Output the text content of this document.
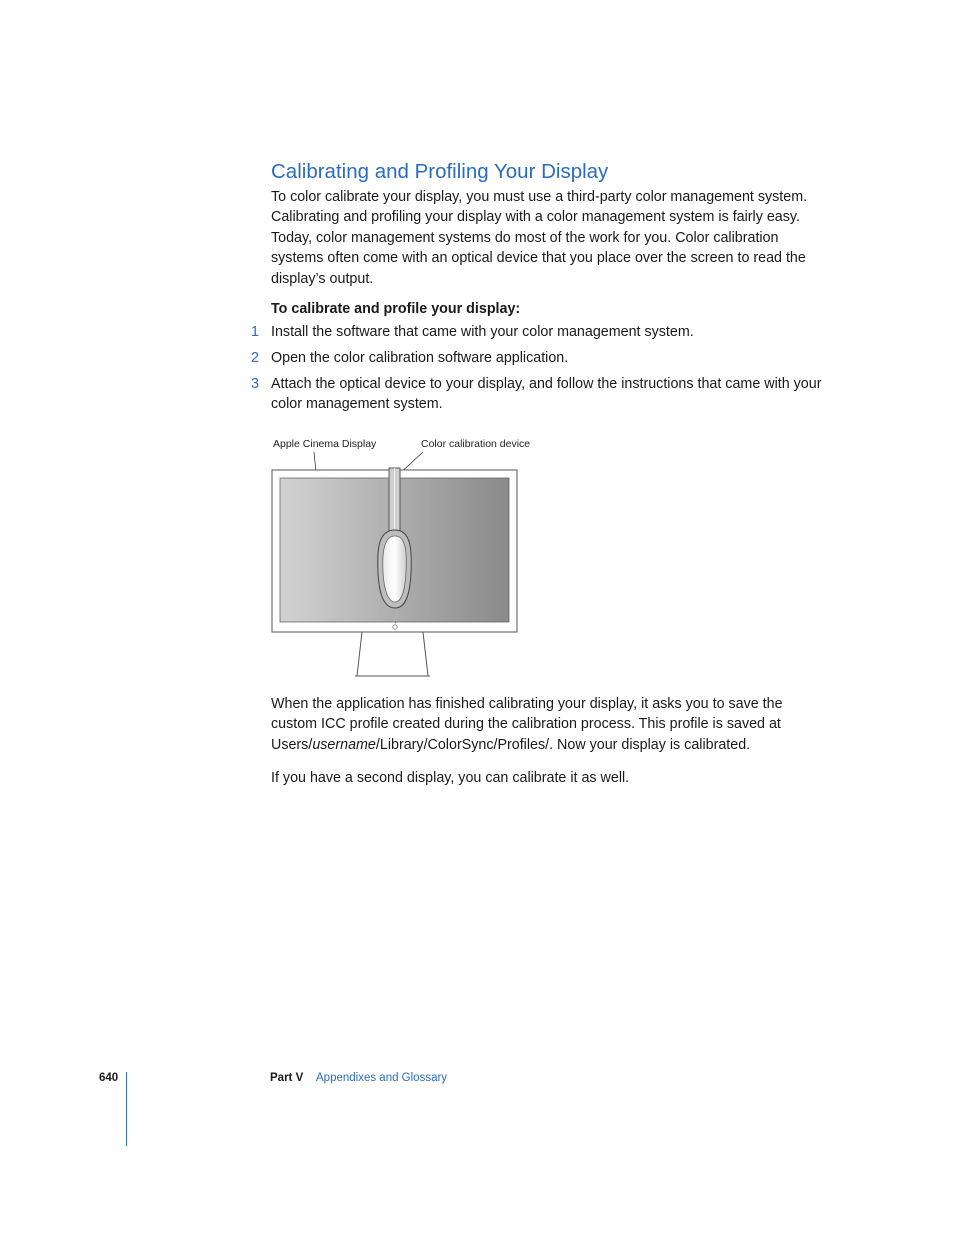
Calibrating and Profiling Your Display

To color calibrate your display, you must use a third-party color management system. Calibrating and profiling your display with a color management system is fairly easy. Today, color management systems do most of the work for you. Color calibration systems often come with an optical device that you place over the screen to read the display’s output.

To calibrate and profile your display:

1 Install the software that came with your color management system.
2 Open the color calibration software application.
3 Attach the optical device to your display, and follow the instructions that came with your color management system.
Apple Cinema Display	Color calibration device

When the application has finished calibrating your display, it asks you to save the custom ICC profile created during the calibration process. This profile is saved at Users/username/Library/ColorSync/Profiles/. Now your display is calibrated.

If you have a second display, you can calibrate it as well.

640	Part V Appendixes and Glossary
